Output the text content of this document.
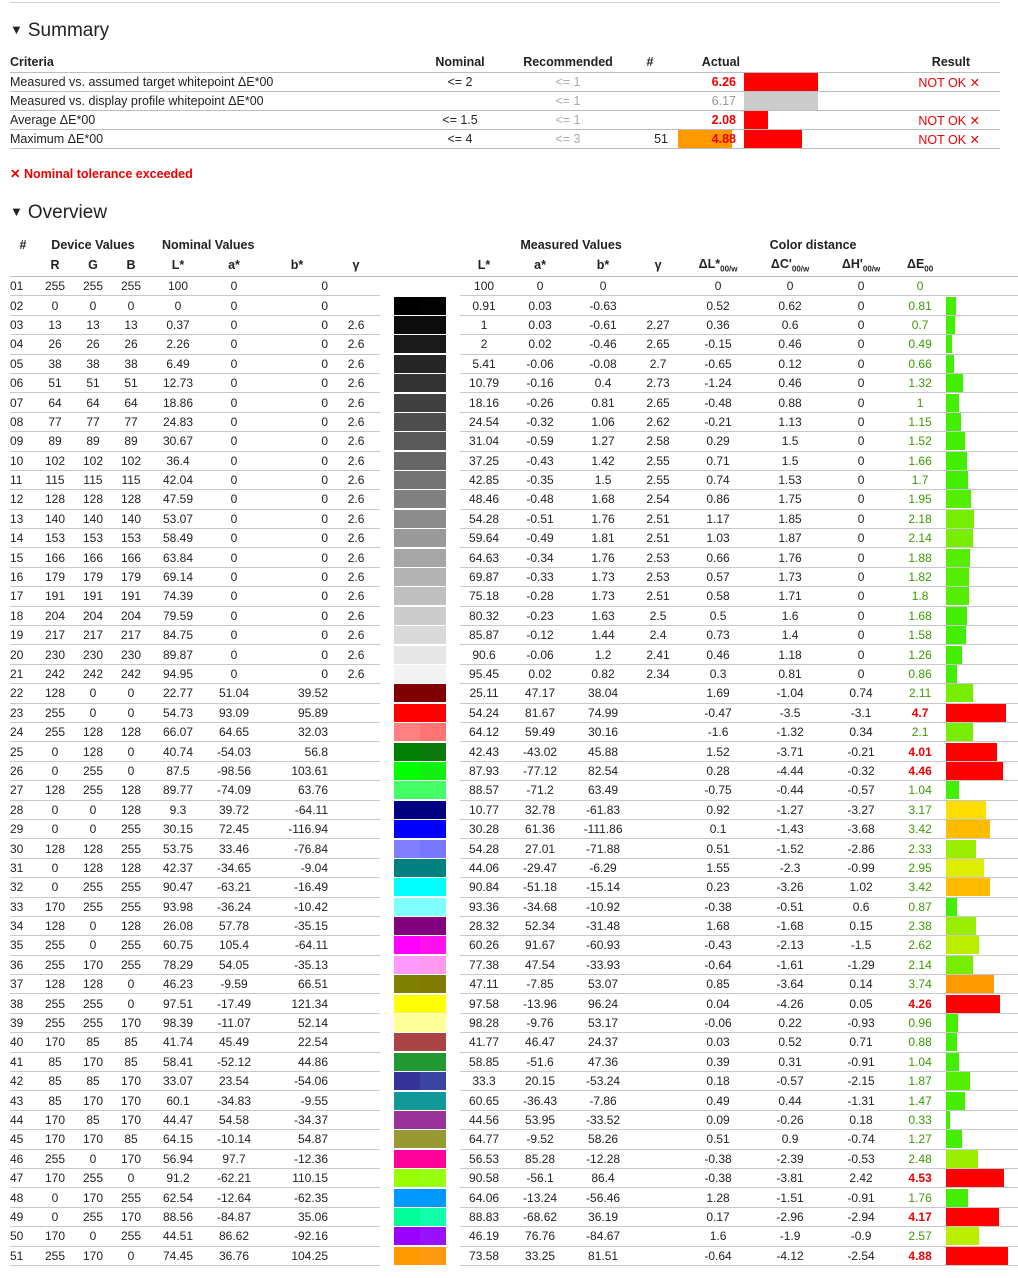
▼ Summary
Criteria	Nominal	Recommended	#	Actual		Result
Measured vs. assumed target whitepoint ΔE*00	<= 2	<= 1		6.26		NOT OK ✕
Measured vs. display profile whitepoint ΔE*00		<= 1		6.17	

Average ΔE*00	<= 1.5	<= 1		2.08		NOT OK ✕
Maximum ΔE*00	<= 4	<= 3	51	4.88		NOT OK ✕
✕ Nominal tolerance exceeded
▼ Overview
#	Device Values			Nominal Values					Measured Values				Color distance				
	R	G	B	L*	a*	b*	γ		L*	a*	b*	γ	$\Delta L*_{00/w}$	$\Delta C'_{00/w}$	$\Delta H'_{00/w}$	$\Delta E_{00}$	
01	255	255	255	100	0	0			100	0	0		0	0	0	0	

02	0	0	0	0	0	0			0.91	0.03	-0.63		0.52	0.62	0	0.81	

03	13	13	13	0.37	0	0	2.6		1	0.03	-0.61	2.27	0.36	0.6	0	0.7	

04	26	26	26	2.26	0	0	2.6		2	0.02	-0.46	2.65	-0.15	0.46	0	0.49	

05	38	38	38	6.49	0	0	2.6		5.41	-0.06	-0.08	2.7	-0.65	0.12	0	0.66	

06	51	51	51	12.73	0	0	2.6		10.79	-0.16	0.4	2.73	-1.24	0.46	0	1.32	

07	64	64	64	18.86	0	0	2.6		18.16	-0.26	0.81	2.65	-0.48	0.88	0	1	

08	77	77	77	24.83	0	0	2.6		24.54	-0.32	1.06	2.62	-0.21	1.13	0	1.15	

09	89	89	89	30.67	0	0	2.6		31.04	-0.59	1.27	2.58	0.29	1.5	0	1.52	

10	102	102	102	36.4	0	0	2.6		37.25	-0.43	1.42	2.55	0.71	1.5	0	1.66	

11	115	115	115	42.04	0	0	2.6		42.85	-0.35	1.5	2.55	0.74	1.53	0	1.7	

12	128	128	128	47.59	0	0	2.6		48.46	-0.48	1.68	2.54	0.86	1.75	0	1.95	

13	140	140	140	53.07	0	0	2.6		54.28	-0.51	1.76	2.51	1.17	1.85	0	2.18	

14	153	153	153	58.49	0	0	2.6		59.64	-0.49	1.81	2.51	1.03	1.87	0	2.14	

15	166	166	166	63.84	0	0	2.6		64.63	-0.34	1.76	2.53	0.66	1.76	0	1.88	

16	179	179	179	69.14	0	0	2.6		69.87	-0.33	1.73	2.53	0.57	1.73	0	1.82	

17	191	191	191	74.39	0	0	2.6		75.18	-0.28	1.73	2.51	0.58	1.71	0	1.8	

18	204	204	204	79.59	0	0	2.6		80.32	-0.23	1.63	2.5	0.5	1.6	0	1.68	

19	217	217	217	84.75	0	0	2.6		85.87	-0.12	1.44	2.4	0.73	1.4	0	1.58	

20	230	230	230	89.87	0	0	2.6		90.6	-0.06	1.2	2.41	0.46	1.18	0	1.26	

21	242	242	242	94.95	0	0	2.6		95.45	0.02	0.82	2.34	0.3	0.81	0	0.86	

22	128	0	0	22.77	51.04	39.52			25.11	47.17	38.04		1.69	-1.04	0.74	2.11	

23	255	0	0	54.73	93.09	95.89			54.24	81.67	74.99		-0.47	-3.5	-3.1	4.7	

24	255	128	128	66.07	64.65	32.03			64.12	59.49	30.16		-1.6	-1.32	0.34	2.1	

25	0	128	0	40.74	-54.03	56.8			42.43	-43.02	45.88		1.52	-3.71	-0.21	4.01	

26	0	255	0	87.5	-98.56	103.61			87.93	-77.12	82.54		0.28	-4.44	-0.32	4.46	

27	128	255	128	89.77	-74.09	63.76			88.57	-71.2	63.49		-0.75	-0.44	-0.57	1.04	

28	0	0	128	9.3	39.72	-64.11			10.77	32.78	-61.83		0.92	-1.27	-3.27	3.17	

29	0	0	255	30.15	72.45	-116.94			30.28	61.36	-111.86		0.1	-1.43	-3.68	3.42	

30	128	128	255	53.75	33.46	-76.84			54.28	27.01	-71.88		0.51	-1.52	-2.86	2.33	

31	0	128	128	42.37	-34.65	-9.04			44.06	-29.47	-6.29		1.55	-2.3	-0.99	2.95	

32	0	255	255	90.47	-63.21	-16.49			90.84	-51.18	-15.14		0.23	-3.26	1.02	3.42	

33	170	255	255	93.98	-36.24	-10.42			93.36	-34.68	-10.92		-0.38	-0.51	0.6	0.87	

34	128	0	128	26.08	57.78	-35.15			28.32	52.34	-31.48		1.68	-1.68	0.15	2.38	

35	255	0	255	60.75	105.4	-64.11			60.26	91.67	-60.93		-0.43	-2.13	-1.5	2.62	

36	255	170	255	78.29	54.05	-35.13			77.38	47.54	-33.93		-0.64	-1.61	-1.29	2.14	

37	128	128	0	46.23	-9.59	66.51			47.11	-7.85	53.07		0.85	-3.64	0.14	3.74	

38	255	255	0	97.51	-17.49	121.34			97.58	-13.96	96.24		0.04	-4.26	0.05	4.26	

39	255	255	170	98.39	-11.07	52.14			98.28	-9.76	53.17		-0.06	0.22	-0.93	0.96	

40	170	85	85	41.74	45.49	22.54			41.77	46.47	24.37		0.03	0.52	0.71	0.88	

41	85	170	85	58.41	-52.12	44.86			58.85	-51.6	47.36		0.39	0.31	-0.91	1.04	

42	85	85	170	33.07	23.54	-54.06			33.3	20.15	-53.24		0.18	-0.57	-2.15	1.87	

43	85	170	170	60.1	-34.83	-9.55			60.65	-36.43	-7.86		0.49	0.44	-1.31	1.47	

44	170	85	170	44.47	54.58	-34.37			44.56	53.95	-33.52		0.09	-0.26	0.18	0.33	

45	170	170	85	64.15	-10.14	54.87			64.77	-9.52	58.26		0.51	0.9	-0.74	1.27	

46	255	0	170	56.94	97.7	-12.36			56.53	85.28	-12.28		-0.38	-2.39	-0.53	2.48	

47	170	255	0	91.2	-62.21	110.15			90.58	-56.1	86.4		-0.38	-3.81	2.42	4.53	

48	0	170	255	62.54	-12.64	-62.35			64.06	-13.24	-56.46		1.28	-1.51	-0.91	1.76	

49	0	255	170	88.56	-84.87	35.06			88.83	-68.62	36.19		0.17	-2.96	-2.94	4.17	

50	170	0	255	44.51	86.62	-92.16			46.19	76.76	-84.67		1.6	-1.9	-0.9	2.57	

51	255	170	0	74.45	36.76	104.25			73.58	33.25	81.51		-0.64	-4.12	-2.54	4.88	
